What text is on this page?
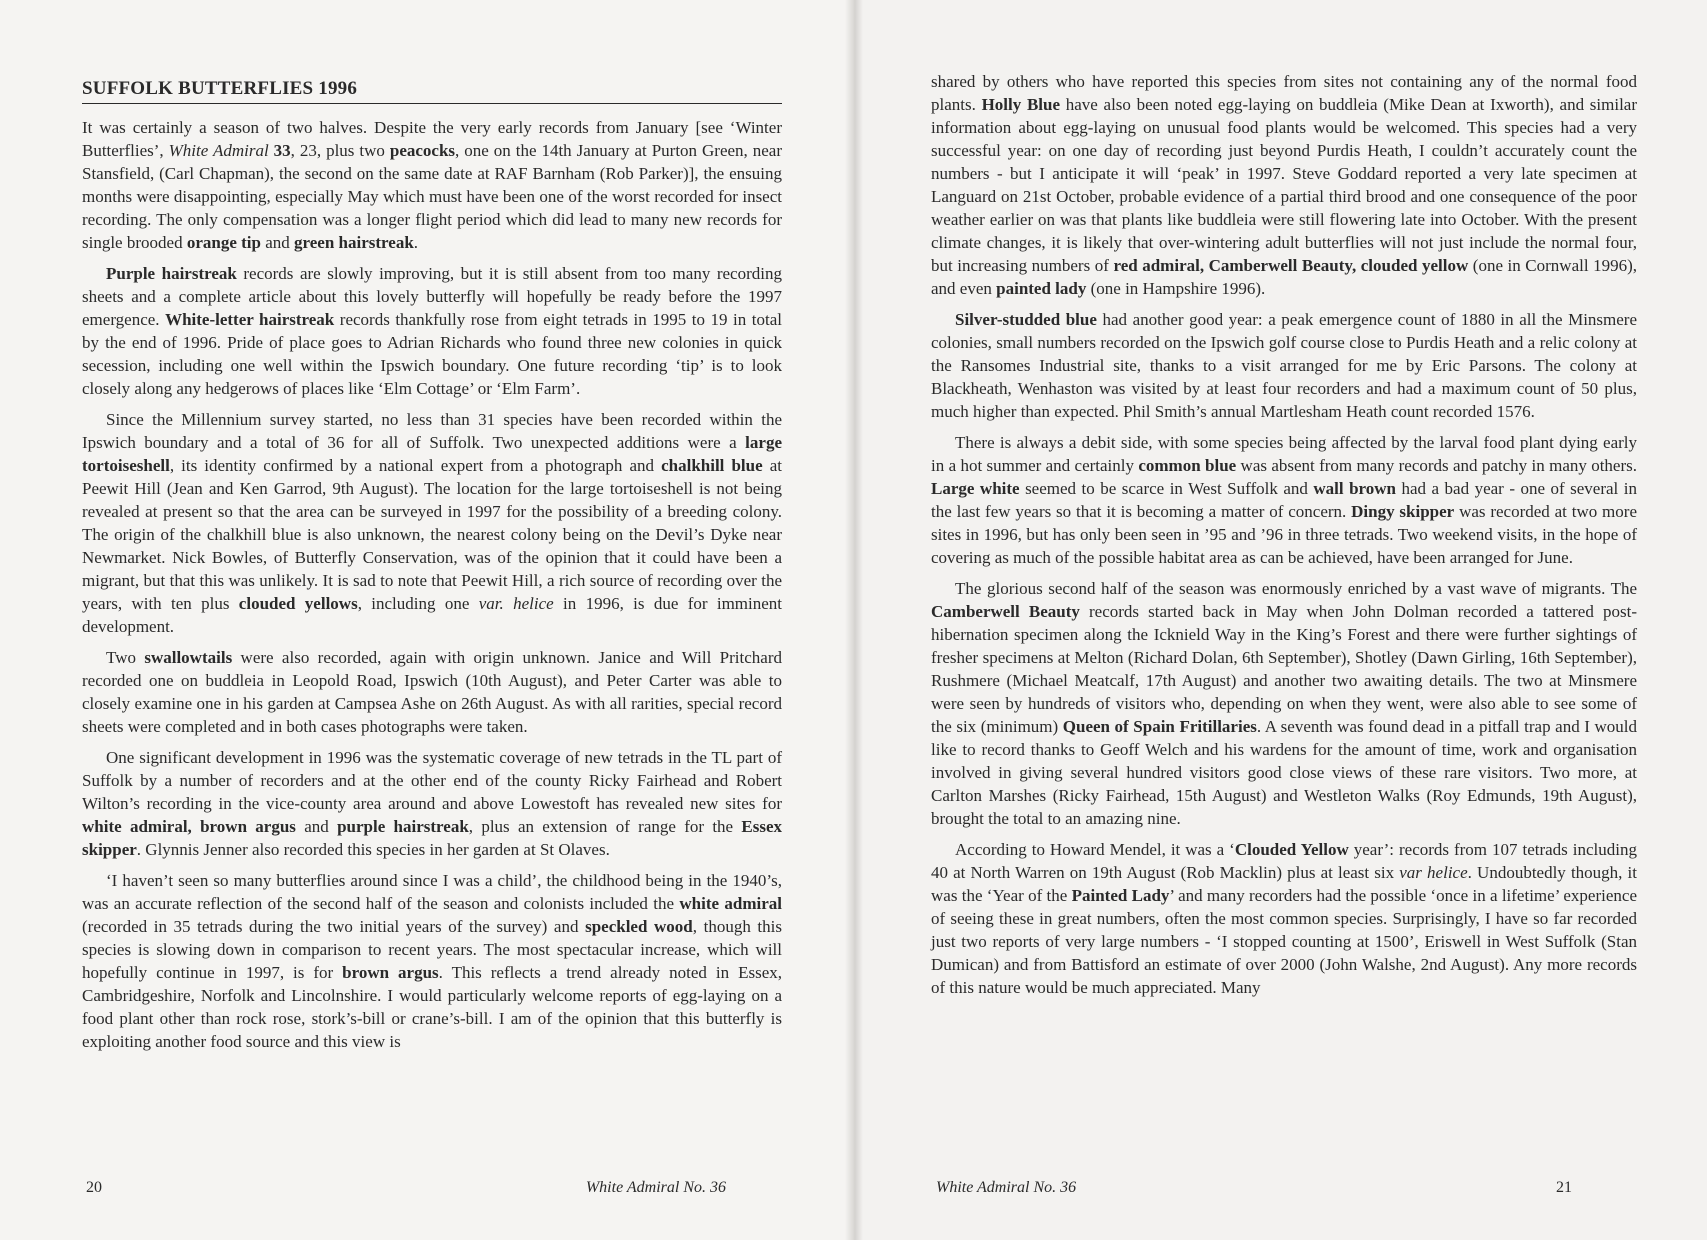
SUFFOLK BUTTERFLIES 1996

It was certainly a season of two halves. Despite the very early records from January [see ‘Winter Butterflies’, White Admiral 33, 23, plus two peacocks, one on the 14th January at Purton Green, near Stansfield, (Carl Chapman), the second on the same date at RAF Barnham (Rob Parker)], the ensuing months were disappointing, especially May which must have been one of the worst recorded for insect recording. The only compensation was a longer flight period which did lead to many new records for single brooded orange tip and green hairstreak.

Purple hairstreak records are slowly improving, but it is still absent from too many recording sheets and a complete article about this lovely butterfly will hopefully be ready before the 1997 emergence. White-letter hairstreak records thankfully rose from eight tetrads in 1995 to 19 in total by the end of 1996. Pride of place goes to Adrian Richards who found three new colonies in quick secession, including one well within the Ipswich boundary. One future recording ‘tip’ is to look closely along any hedgerows of places like ‘Elm Cottage’ or ‘Elm Farm’.

Since the Millennium survey started, no less than 31 species have been recorded within the Ipswich boundary and a total of 36 for all of Suffolk. Two unexpected additions were a large tortoiseshell, its identity confirmed by a national expert from a photograph and chalkhill blue at Peewit Hill (Jean and Ken Garrod, 9th August). The location for the large tortoiseshell is not being revealed at present so that the area can be surveyed in 1997 for the possibility of a breeding colony. The origin of the chalkhill blue is also unknown, the nearest colony being on the Devil’s Dyke near Newmarket. Nick Bowles, of Butterfly Conservation, was of the opinion that it could have been a migrant, but that this was unlikely. It is sad to note that Peewit Hill, a rich source of recording over the years, with ten plus clouded yellows, including one var. helice in 1996, is due for imminent development.

Two swallowtails were also recorded, again with origin unknown. Janice and Will Pritchard recorded one on buddleia in Leopold Road, Ipswich (10th August), and Peter Carter was able to closely examine one in his garden at Campsea Ashe on 26th August. As with all rarities, special record sheets were completed and in both cases photographs were taken.

One significant development in 1996 was the systematic coverage of new tetrads in the TL part of Suffolk by a number of recorders and at the other end of the county Ricky Fairhead and Robert Wilton’s recording in the vice-county area around and above Lowestoft has revealed new sites for white admiral, brown argus and purple hairstreak, plus an extension of range for the Essex skipper. Glynnis Jenner also recorded this species in her garden at St Olaves.

‘I haven’t seen so many butterflies around since I was a child’, the childhood being in the 1940’s, was an accurate reflection of the second half of the season and colonists included the white admiral (recorded in 35 tetrads during the two initial years of the survey) and speckled wood, though this species is slowing down in comparison to recent years. The most spectacular increase, which will hopefully continue in 1997, is for brown argus. This reflects a trend already noted in Essex, Cambridgeshire, Norfolk and Lincolnshire. I would particularly welcome reports of egg-laying on a food plant other than rock rose, stork’s-bill or crane’s-bill. I am of the opinion that this butterfly is exploiting another food source and this view is

shared by others who have reported this species from sites not containing any of the normal food plants. Holly Blue have also been noted egg-laying on buddleia (Mike Dean at Ixworth), and similar information about egg-laying on unusual food plants would be welcomed. This species had a very successful year: on one day of recording just beyond Purdis Heath, I couldn’t accurately count the numbers - but I anticipate it will ‘peak’ in 1997. Steve Goddard reported a very late specimen at Languard on 21st October, probable evidence of a partial third brood and one consequence of the poor weather earlier on was that plants like buddleia were still flowering late into October. With the present climate changes, it is likely that over-wintering adult butterflies will not just include the normal four, but increasing numbers of red admiral, Camberwell Beauty, clouded yellow (one in Cornwall 1996), and even painted lady (one in Hampshire 1996).

Silver-studded blue had another good year: a peak emergence count of 1880 in all the Minsmere colonies, small numbers recorded on the Ipswich golf course close to Purdis Heath and a relic colony at the Ransomes Industrial site, thanks to a visit arranged for me by Eric Parsons. The colony at Blackheath, Wenhaston was visited by at least four recorders and had a maximum count of 50 plus, much higher than expected. Phil Smith’s annual Martlesham Heath count recorded 1576.

There is always a debit side, with some species being affected by the larval food plant dying early in a hot summer and certainly common blue was absent from many records and patchy in many others. Large white seemed to be scarce in West Suffolk and wall brown had a bad year - one of several in the last few years so that it is becoming a matter of concern. Dingy skipper was recorded at two more sites in 1996, but has only been seen in ’95 and ’96 in three tetrads. Two weekend visits, in the hope of covering as much of the possible habitat area as can be achieved, have been arranged for June.

The glorious second half of the season was enormously enriched by a vast wave of migrants. The Camberwell Beauty records started back in May when John Dolman recorded a tattered post-hibernation specimen along the Icknield Way in the King’s Forest and there were further sightings of fresher specimens at Melton (Richard Dolan, 6th September), Shotley (Dawn Girling, 16th September), Rushmere (Michael Meatcalf, 17th August) and another two awaiting details. The two at Minsmere were seen by hundreds of visitors who, depending on when they went, were also able to see some of the six (minimum) Queen of Spain Fritillaries. A seventh was found dead in a pitfall trap and I would like to record thanks to Geoff Welch and his wardens for the amount of time, work and organisation involved in giving several hundred visitors good close views of these rare visitors. Two more, at Carlton Marshes (Ricky Fairhead, 15th August) and Westleton Walks (Roy Edmunds, 19th August), brought the total to an amazing nine.

According to Howard Mendel, it was a ‘Clouded Yellow year’: records from 107 tetrads including 40 at North Warren on 19th August (Rob Macklin) plus at least six var helice. Undoubtedly though, it was the ‘Year of the Painted Lady’ and many recorders had the possible ‘once in a lifetime’ experience of seeing these in great numbers, often the most common species. Surprisingly, I have so far recorded just two reports of very large numbers - ‘I stopped counting at 1500’, Eriswell in West Suffolk (Stan Dumican) and from Battisford an estimate of over 2000 (John Walshe, 2nd August). Any more records of this nature would be much appreciated. Many

20	White Admiral No. 36	White Admiral No. 36	21
